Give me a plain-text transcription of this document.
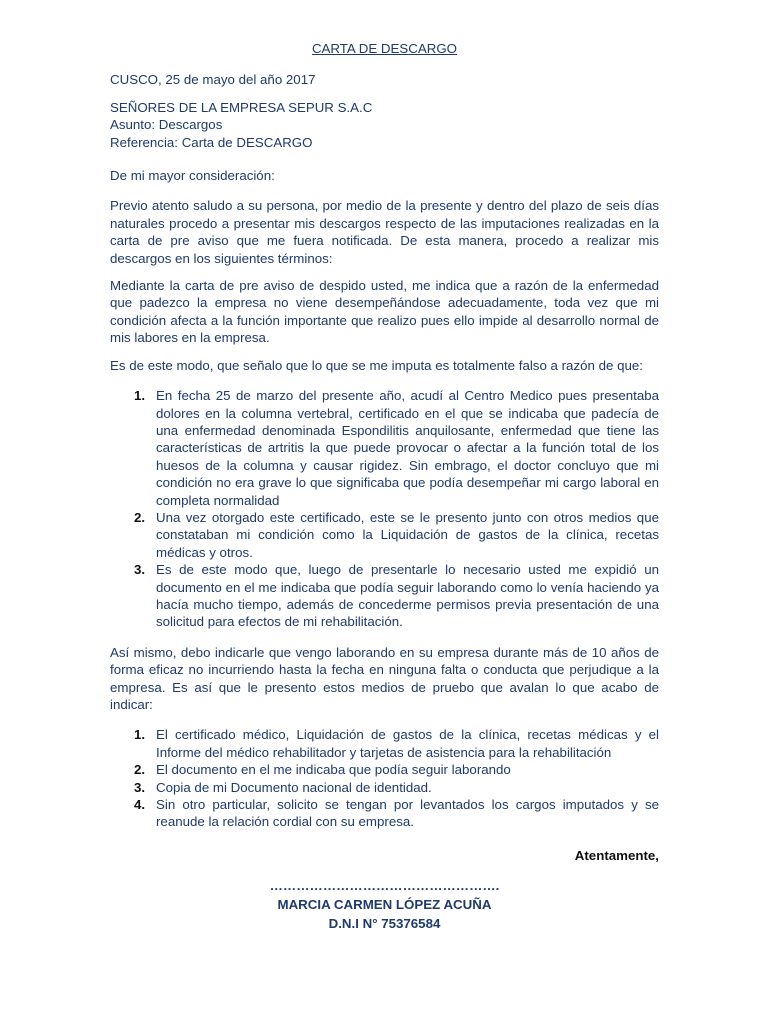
CARTA DE DESCARGO

CUSCO, 25 de mayo del año 2017

SEÑORES DE LA EMPRESA SEPUR S.A.C

Asunto: Descargos

Referencia: Carta de DESCARGO

De mi mayor consideración:

Previo atento saludo a su persona, por medio de la presente y dentro del plazo de seis días naturales procedo a presentar mis descargos respecto de las imputaciones realizadas en la carta de pre aviso que me fuera notificada. De esta manera, procedo a realizar mis descargos en los siguientes términos:

Mediante la carta de pre aviso de despido usted, me indica que a razón de la enfermedad que padezco la empresa no viene desempeñándose adecuadamente, toda vez que mi condición afecta a la función importante que realizo pues ello impide al desarrollo normal de mis labores en la empresa.

Es de este modo, que señalo que lo que se me imputa es totalmente falso a razón de que:

1. En fecha 25 de marzo del presente año, acudí al Centro Medico pues presentaba dolores en la columna vertebral, certificado en el que se indicaba que padecía de una enfermedad denominada Espondilitis anquilosante, enfermedad que tiene las características de artritis la que puede provocar o afectar a la función total de los huesos de la columna y causar rigidez. Sin embrago, el doctor concluyo que mi condición no era grave lo que significaba que podía desempeñar mi cargo laboral en completa normalidad
2. Una vez otorgado este certificado, este se le presento junto con otros medios que constataban mi condición como la Liquidación de gastos de la clínica, recetas médicas y otros.
3. Es de este modo que, luego de presentarle lo necesario usted me expidió un documento en el me indicaba que podía seguir laborando como lo venía haciendo ya hacía mucho tiempo, además de concederme permisos previa presentación de una solicitud para efectos de mi rehabilitación.

Así mismo, debo indicarle que vengo laborando en su empresa durante más de 10 años de forma eficaz no incurriendo hasta la fecha en ninguna falta o conducta que perjudique a la empresa. Es así que le presento estos medios de pruebo que avalan lo que acabo de indicar:

1. El certificado médico, Liquidación de gastos de la clínica, recetas médicas y el Informe del médico rehabilitador y tarjetas de asistencia para la rehabilitación
2. El documento en el me indicaba que podía seguir laborando
3. Copia de mi Documento nacional de identidad.
4. Sin otro particular, solicito se tengan por levantados los cargos imputados y se reanude la relación cordial con su empresa.

Atentamente,

…………………………………………….
MARCIA CARMEN LÓPEZ ACUÑA
D.N.I N° 75376584
